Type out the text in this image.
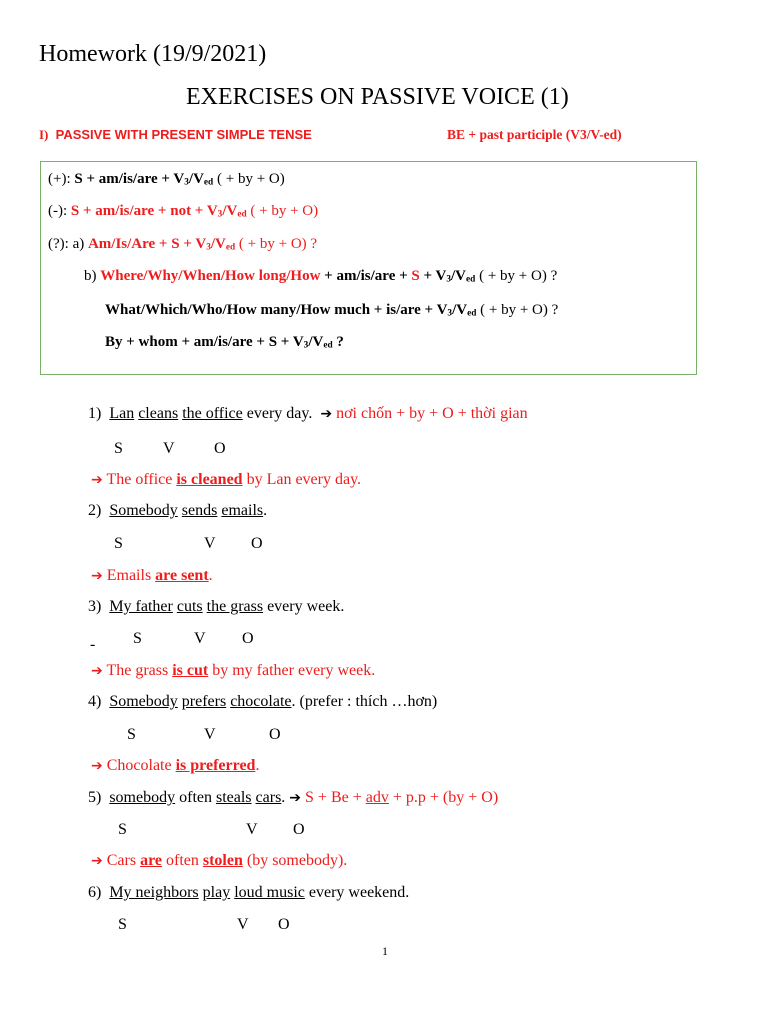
Homework (19/9/2021)
EXERCISES ON PASSIVE VOICE (1)
I) PASSIVE WITH PRESENT SIMPLE TENSE	BE + past participle (V3/V-ed)
(+): $S + am/is/are + V_3/V_{ed}$ ( + by + O)
(-): S + am/is/are + not + $V_3/V_{ed}$ ( + by + O)
(?): a) $Am/Is/Are + S + V_3/V_{ed}$ ( + by + O) ?
b) Where/Why/When/How long/How + $am/is/are + S + V_3/V_{ed}$ ( + by + O) ?
What/Which/Who/How many/How much + $is/are + V_3/V_{ed}$ ( + by + O) ?
By + whom + $am/is/are + S + V_3/V_{ed}$ ?
1) Lan cleans the office every day. ➔ nơi chốn + by + O + thời gian
S	V O
➔ The office is cleaned by Lan every day.
2) Somebody sends emails.
S	V O
➔ Emails are sent.
3) My father cuts the grass every week.
- S	V O
➔ The grass is cut by my father every week.
4) Somebody prefers chocolate. (prefer : thích …hơn)
S	V	O
➔ Chocolate is preferred.
5) somebody often steals cars. ➔ S + Be + adv + p.p + (by + O)
S	V O
➔ Cars are often stolen (by somebody).
6) My neighbors play loud music every weekend.
S	V O
1
